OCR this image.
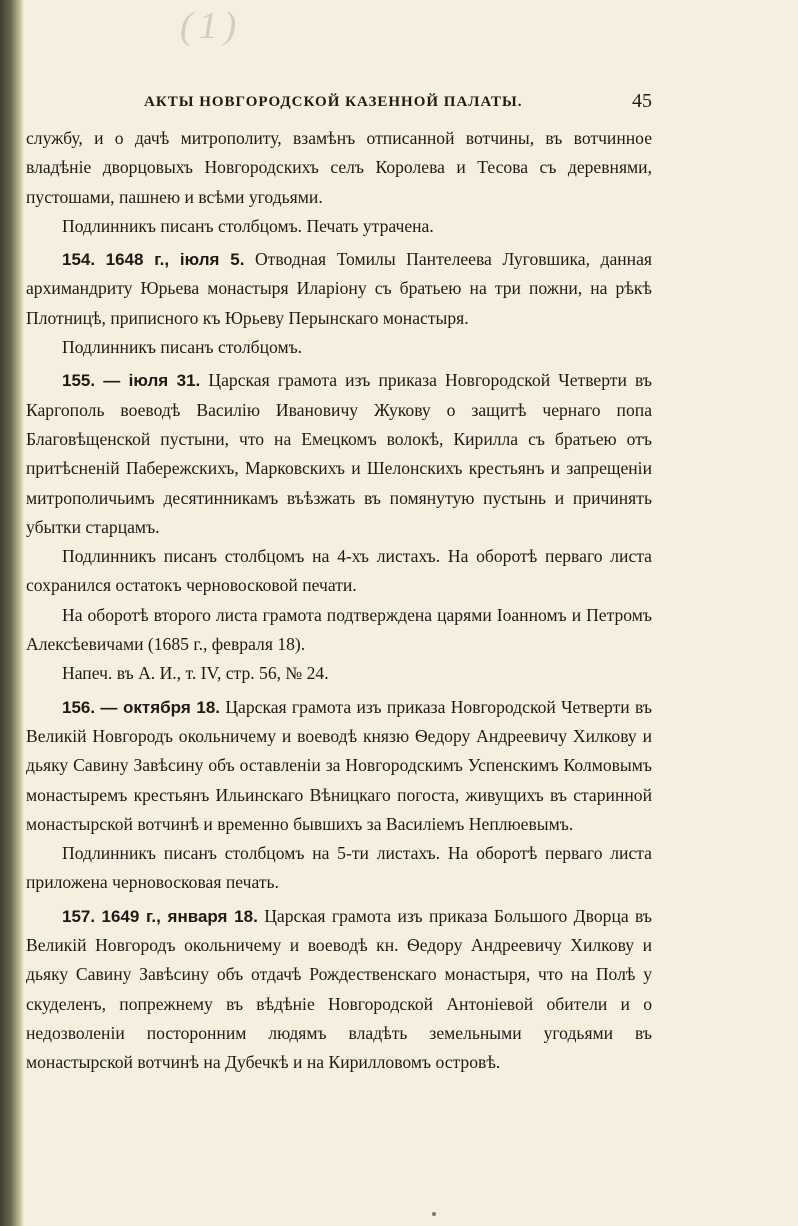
(1)
АКТЫ НОВГОРОДСКОЙ КАЗЕННОЙ ПАЛАТЫ.	45

службу, и о дачѣ митрополиту, взамѣнъ отписанной вотчины, въ вотчинное владѣніе дворцовыхъ Новгородскихъ селъ Королева и Тесова съ деревнями, пустошами, пашнею и всѣми угодьями.

Подлинникъ писанъ столбцомъ. Печать утрачена.

154. 1648 г., іюля 5. Отводная Томилы Пантелеева Луговшика, данная архимандриту Юрьева монастыря Иларіону съ братьею на три пожни, на рѣкѣ Плотницѣ, приписного къ Юрьеву Перынскаго монастыря.

Подлинникъ писанъ столбцомъ.

155. — іюля 31. Царская грамота изъ приказа Новгородской Четверти въ Каргополь воеводѣ Василію Ивановичу Жукову о защитѣ чернаго попа Благовѣщенской пустыни, что на Емецкомъ волокѣ, Кирилла съ братьею отъ притѣсненій Пабережскихъ, Марковскихъ и Шелонскихъ крестьянъ и запрещеніи митрополичьимъ десятинникамъ въѣзжать въ помянутую пустынь и причинять убытки старцамъ.

Подлинникъ писанъ столбцомъ на 4-хъ листахъ. На оборотѣ перваго листа сохранился остатокъ черновосковой печати.

На оборотѣ второго листа грамота подтверждена царями Іоанномъ и Петромъ Алексѣевичами (1685 г., февраля 18).

Напеч. въ А. И., т. IV, стр. 56, № 24.

156. — октября 18. Царская грамота изъ приказа Новгородской Четверти въ Великій Новгородъ окольничему и воеводѣ князю Ѳедору Андреевичу Хилкову и дьяку Савину Завѣсину объ оставленіи за Новгородскимъ Успенскимъ Колмовымъ монастыремъ крестьянъ Ильинскаго Вѣницкаго погоста, живущихъ въ старинной монастырской вотчинѣ и временно бывшихъ за Василіемъ Неплюевымъ.

Подлинникъ писанъ столбцомъ на 5-ти листахъ. На оборотѣ перваго листа приложена черновосковая печать.

157. 1649 г., января 18. Царская грамота изъ приказа Большого Дворца въ Великій Новгородъ окольничему и воеводѣ кн. Ѳедору Андреевичу Хилкову и дьяку Савину Завѣсину объ отдачѣ Рождественскаго монастыря, что на Полѣ у скуделенъ, попрежнему въ вѣдѣніе Новгородской Антоніевой обители и о недозволеніи посторонним людямъ владѣть земельными угодьями въ монастырской вотчинѣ на Дубечкѣ и на Кирилловомъ островѣ.
